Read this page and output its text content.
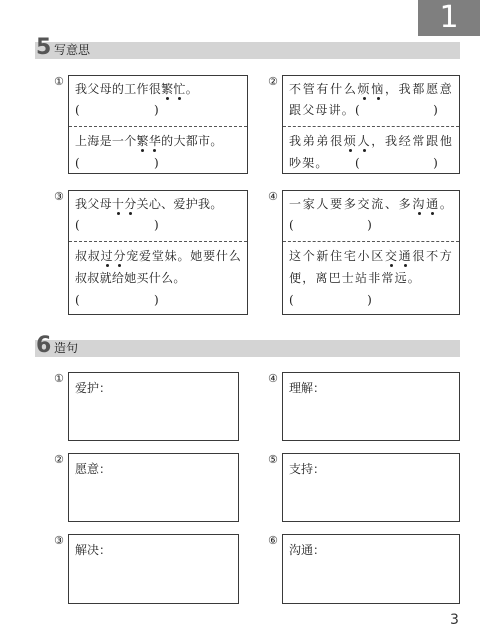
1
5 写意思
①
我父母的工作很繁忙。
(	)
上海是一个繁华的大都市。
(	)
②
不管有什么烦恼，我都愿意
跟父母讲。 (	)
我弟弟很烦人，我经常跟他
吵架。 (	)
③
我父母十分关心、爱护我。
(	)
叔叔过分宠爱堂妹。她要什么
叔叔就给她买什么。
(	)
④
一家人要多交流、多沟通。
(	)
这个新住宅小区交通很不方
便，离巴士站非常远。
(	)
6 造句
①
爱护：
②
愿意：
③
解决：
④
理解：
⑤
支持：
⑥
沟通：
3
